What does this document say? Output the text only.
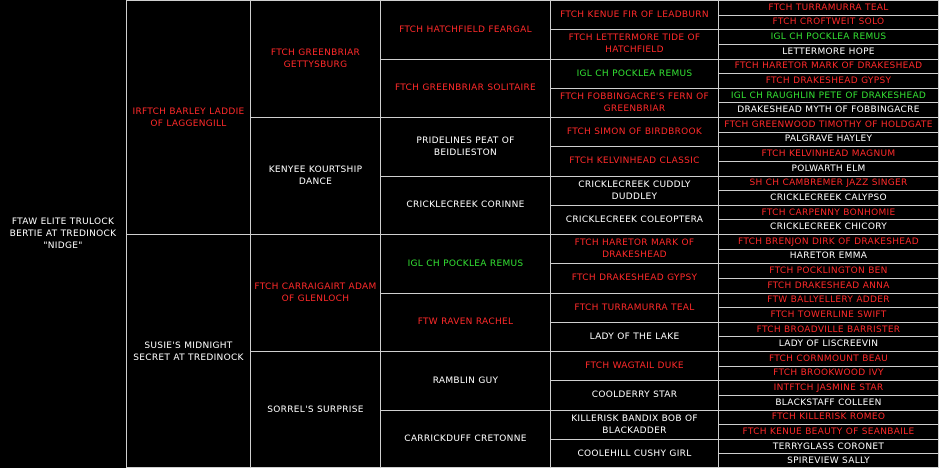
FTAW ELITE TRULOCK BERTIE AT TREDINOCK "NIDGE"
IRFTCH BARLEY LADDIE OF LAGGENGILL
SUSIE'S MIDNIGHT SECRET AT TREDINOCK
FTCH GREENBRIAR GETTYSBURG
KENYEE KOURTSHIP DANCE
FTCH CARRAIGAIRT ADAM OF GLENLOCH
SORREL'S SURPRISE
FTCH HATCHFIELD FEARGAL
FTCH GREENBRIAR SOLITAIRE
PRIDELINES PEAT OF BEIDLIESTON
CRICKLECREEK CORINNE
IGL CH POCKLEA REMUS
FTW RAVEN RACHEL
RAMBLIN GUY
CARRICKDUFF CRETONNE
FTCH KENUE FIR OF LEADBURN
FTCH LETTERMORE TIDE OF HATCHFIELD
IGL CH POCKLEA REMUS
FTCH FOBBINGACRE'S FERN OF GREENBRIAR
FTCH SIMON OF BIRDBROOK
FTCH KELVINHEAD CLASSIC
CRICKLECREEK CUDDLY DUDDLEY
CRICKLECREEK COLEOPTERA
FTCH HARETOR MARK OF DRAKESHEAD
FTCH DRAKESHEAD GYPSY
FTCH TURRAMURRA TEAL
LADY OF THE LAKE
FTCH WAGTAIL DUKE
COOLDERRY STAR
KILLERISK BANDIX BOB OF BLACKADDER
COOLEHILL CUSHY GIRL
FTCH TURRAMURRA TEAL
FTCH CROFTWEIT SOLO
IGL CH POCKLEA REMUS
LETTERMORE HOPE
FTCH HARETOR MARK OF DRAKESHEAD
FTCH DRAKESHEAD GYPSY
IGL CH RAUGHLIN PETE OF DRAKESHEAD
DRAKESHEAD MYTH OF FOBBINGACRE
FTCH GREENWOOD TIMOTHY OF HOLDGATE
PALGRAVE HAYLEY
FTCH KELVINHEAD MAGNUM
POLWARTH ELM
SH CH CAMBREMER JAZZ SINGER
CRICKLECREEK CALYPSO
FTCH CARPENNY BONHOMIE
CRICKLECREEK CHICORY
FTCH BRENJON DIRK OF DRAKESHEAD
HARETOR EMMA
FTCH POCKLINGTON BEN
FTCH DRAKESHEAD ANNA
FTW BALLYELLERY ADDER
FTCH TOWERLINE SWIFT
FTCH BROADVILLE BARRISTER
LADY OF LISCREEVIN
FTCH CORNMOUNT BEAU
FTCH BROOKWOOD IVY
INTFTCH JASMINE STAR
BLACKSTAFF COLLEEN
FTCH KILLERISK ROMEO
FTCH KENUE BEAUTY OF SEANBAILE
TERRYGLASS CORONET
SPIREVIEW SALLY
